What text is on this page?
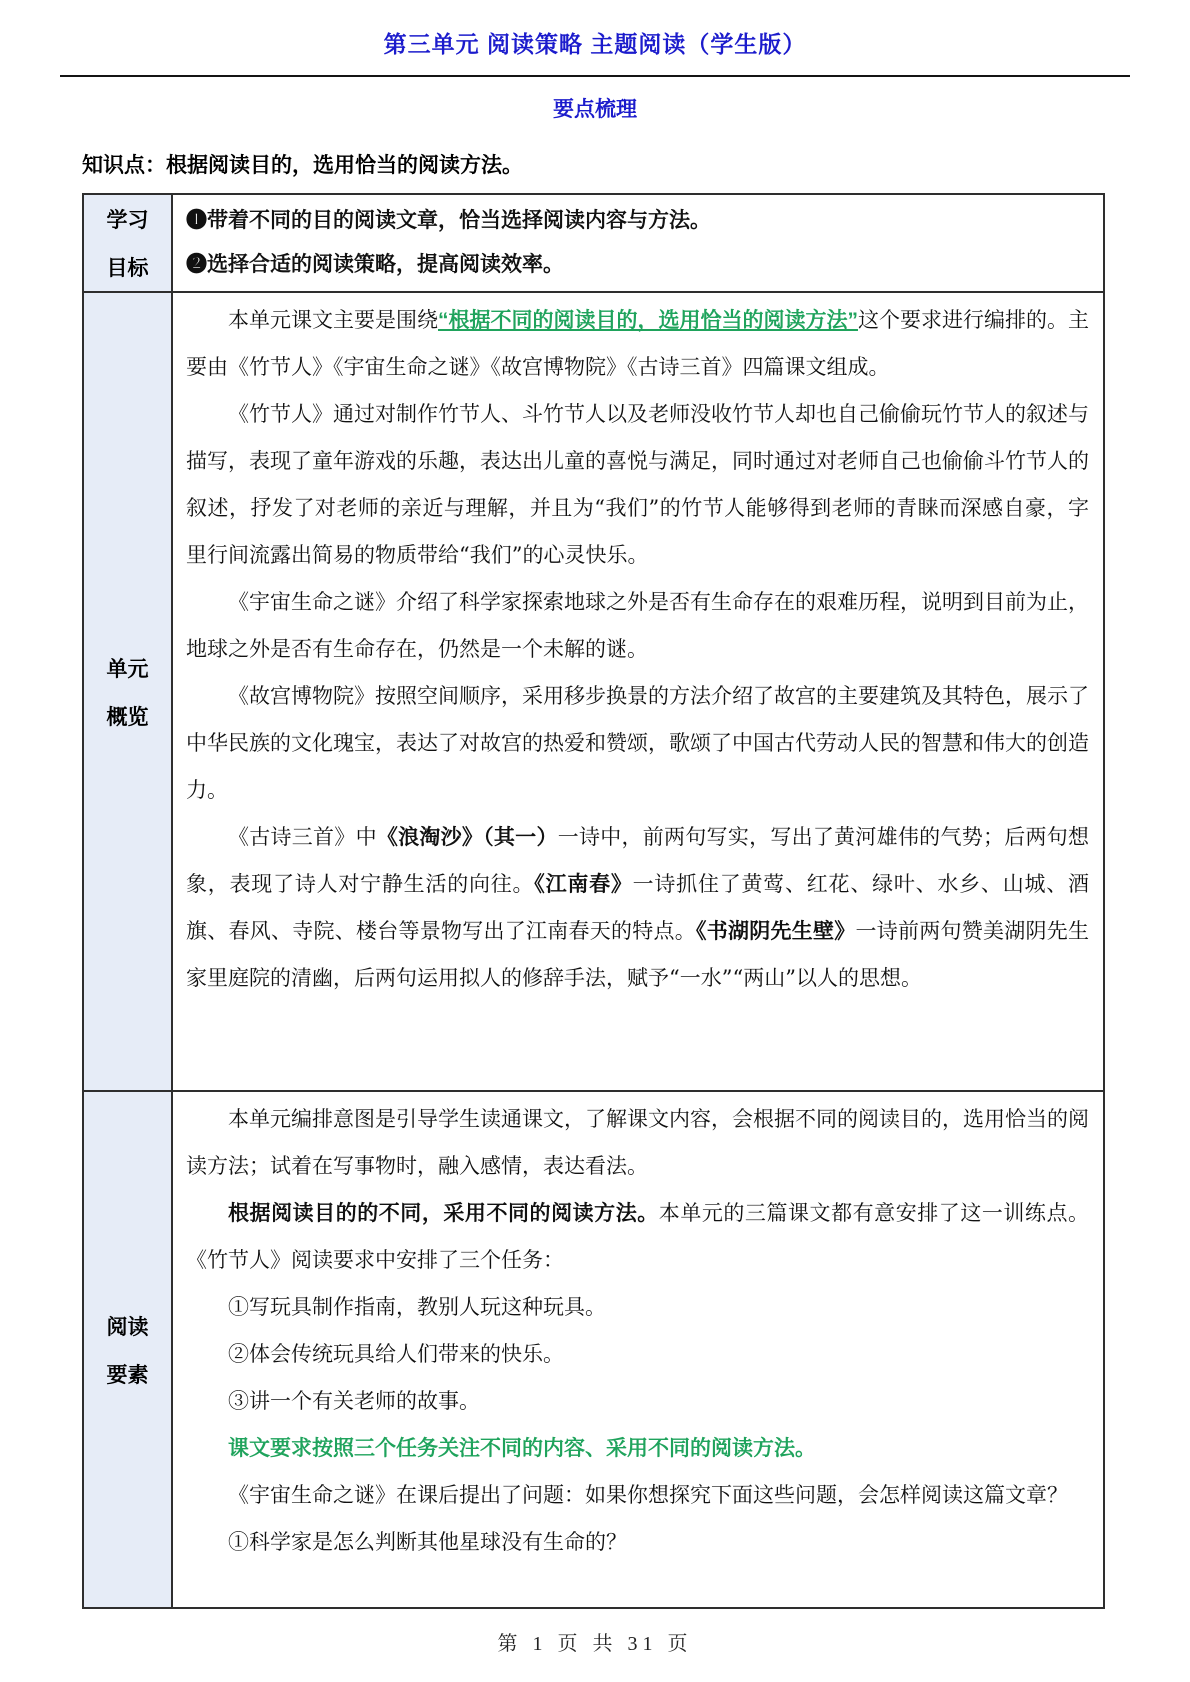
第三单元 阅读策略 主题阅读（学生版）
要点梳理
知识点：根据阅读目的，选用恰当的阅读方法。
学习
目标

❶带着不同的目的阅读文章，恰当选择阅读内容与方法。

❷选择合适的阅读策略，提高阅读效率。

单元
概览

本单元课文主要是围绕“根据不同的阅读目的，选用恰当的阅读方法”这个要求进行编排的。主要由《竹节人》《宇宙生命之谜》《故宫博物院》《古诗三首》四篇课文组成。

《竹节人》通过对制作竹节人、斗竹节人以及老师没收竹节人却也自己偷偷玩竹节人的叙述与描写，表现了童年游戏的乐趣，表达出儿童的喜悦与满足，同时通过对老师自己也偷偷斗竹节人的叙述，抒发了对老师的亲近与理解，并且为“我们”的竹节人能够得到老师的青睐而深感自豪，字里行间流露出简易的物质带给“我们”的心灵快乐。

《宇宙生命之谜》介绍了科学家探索地球之外是否有生命存在的艰难历程，说明到目前为止，地球之外是否有生命存在，仍然是一个未解的谜。

《故宫博物院》按照空间顺序，采用移步换景的方法介绍了故宫的主要建筑及其特色，展示了中华民族的文化瑰宝，表达了对故宫的热爱和赞颂，歌颂了中国古代劳动人民的智慧和伟大的创造力。

《古诗三首》中《浪淘沙》（其一）一诗中，前两句写实，写出了黄河雄伟的气势；后两句想象，表现了诗人对宁静生活的向往。《江南春》一诗抓住了黄莺、红花、绿叶、水乡、山城、酒旗、春风、寺院、楼台等景物写出了江南春天的特点。《书湖阴先生壁》一诗前两句赞美湖阴先生家里庭院的清幽，后两句运用拟人的修辞手法，赋予“一水”“两山”以人的思想。

阅读
要素

本单元编排意图是引导学生读通课文，了解课文内容，会根据不同的阅读目的，选用恰当的阅读方法；试着在写事物时，融入感情，表达看法。

根据阅读目的的不同，采用不同的阅读方法。本单元的三篇课文都有意安排了这一训练点。《竹节人》阅读要求中安排了三个任务：

①写玩具制作指南，教别人玩这种玩具。

②体会传统玩具给人们带来的快乐。

③讲一个有关老师的故事。

课文要求按照三个任务关注不同的内容、采用不同的阅读方法。

《宇宙生命之谜》在课后提出了问题：如果你想探究下面这些问题，会怎样阅读这篇文章？

①科学家是怎么判断其他星球没有生命的？

第 1 页 共 31 页
